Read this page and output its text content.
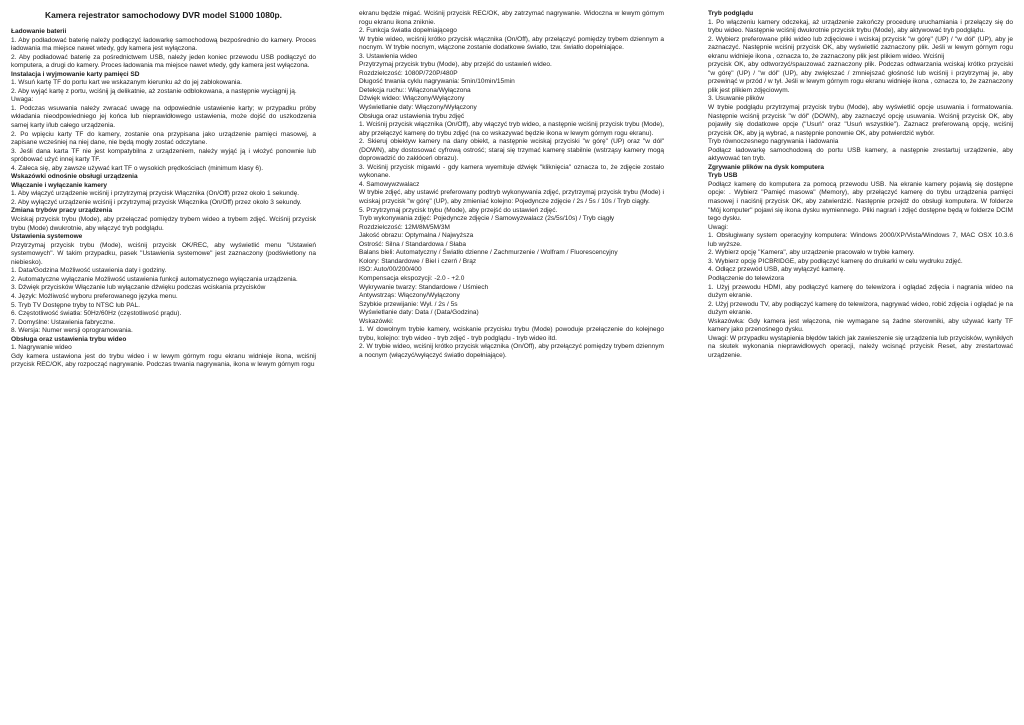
Kamera rejestrator samochodowy DVR model S1000 1080p.

Ładowanie baterii

1. Aby podładować baterię należy podłączyć ładowarkę samochodową bezpośrednio do kamery. Proces ładowania ma miejsce nawet wtedy, gdy kamera jest wyłączona.

2. Aby podładować baterię za pośrednictwem USB, należy jeden koniec przewodu USB podłączyć do komputera, a drugi do kamery. Proces ładowania ma miejsce nawet wtedy, gdy kamera jest wyłączona.

Instalacja i wyjmowanie karty pamięci SD

1. Wsuń kartę TF do portu kart we wskazanym kierunku aż do jej zablokowania.

2. Aby wyjąć kartę z portu, wciśnij ją delikatnie, aż zostanie odblokowana, a następnie wyciągnij ją.

Uwaga:

1. Podczas wsuwania należy zwracać uwagę na odpowiednie ustawienie karty; w przypadku próby wkładania nieodpowiedniego jej końca lub nieprawidłowego ustawienia, może dojść do uszkodzenia samej karty i/lub całego urządzenia.

2. Po wpięciu karty TF do kamery, zostanie ona przypisana jako urządzenie pamięci masowej, a zapisane wcześniej na niej dane, nie będą mogły zostać odczytane.

3. Jeśli dana karta TF nie jest kompatybilna z urządzeniem, należy wyjąć ją i włożyć ponownie lub spróbować użyć innej karty TF.

4. Zaleca się, aby zawsze używać kart TF o wysokich prędkościach (minimum klasy 6).

Wskazówki odnośnie obsługi urządzenia

Włączanie i wyłączanie kamery

1. Aby włączyć urządzenie wciśnij i przytrzymaj przycisk Włącznika (On/Off) przez około 1 sekundę.

2. Aby wyłączyć urządzenie wciśnij i przytrzymaj przycisk Włącznika (On/Off) przez około 3 sekundy.

Zmiana trybów pracy urządzenia

Wciskaj przycisk trybu (Mode), aby przełączać pomiędzy trybem wideo a trybem zdjęć. Wciśnij przycisk trybu (Mode) dwukrotnie, aby włączyć tryb podglądu.

Ustawienia systemowe

Przytrzymaj przycisk trybu (Mode), wciśnij przycisk OK/REC, aby wyświetlić menu "Ustawień systemowych". W takim przypadku, pasek "Ustawienia systemowe" jest zaznaczony (podświetlony na niebiesko).

1. Data/Godzina Możliwość ustawienia daty i godziny.

2. Automatyczne wyłączanie Możliwość ustawienia funkcji automatycznego wyłączania urządzenia.

3. Dźwięk przycisków Włączanie lub wyłączanie dźwięku podczas wciskania przycisków

4. Język: Możliwość wyboru preferowanego języka menu.

5. Tryb TV Dostępne tryby to NTSC lub PAL.

6. Częstotliwość światła: 50Hz/60Hz (częstotliwość prądu).

7. Domyślne: Ustawienia fabryczne.

8. Wersja: Numer wersji oprogramowania.

Obsługa oraz ustawienia trybu wideo

1. Nagrywanie wideo

Gdy kamera ustawiona jest do trybu wideo i w lewym górnym rogu ekranu widnieje ikona, wciśnij przycisk REC/OK, aby rozpocząć nagrywanie. Podczas trwania nagrywania, ikona w lewym górnym rogu

ekranu będzie migać. Wciśnij przycisk REC/OK, aby zatrzymać nagrywanie. Widoczna w lewym górnym rogu ekranu ikona zniknie.

2. Funkcja światła dopełniającego

W trybie wideo, wciśnij krótko przycisk włącznika (On/Off), aby przełączyć pomiędzy trybem dziennym a nocnym. W trybie nocnym, włączone zostanie dodatkowe światło, tzw. światło dopełniające.

3. Ustawienia wideo

Przytrzymaj przycisk trybu (Mode), aby przejść do ustawień wideo.

Rozdzielczość: 1080P/720P/480P

Długość trwania cyklu nagrywania: 5min/10min/15min

Detekcja ruchu:: Włączona/Wyłączona

Dźwięk wideo: Włączony/Wyłączony

Wyświetlanie daty: Włączony/Wyłączony

Obsługa oraz ustawienia trybu zdjęć

1. Wciśnij przycisk włącznika (On/Off), aby włączyć tryb wideo, a następnie wciśnij przycisk trybu (Mode), aby przełączyć kamerę do trybu zdjęć (na co wskazywać będzie ikona w lewym górnym rogu ekranu).

2. Skieruj obiektyw kamery na dany obiekt, a następnie wciskaj przyciski "w górę" (UP) oraz "w dół" (DOWN), aby dostosować cyfrową ostrość; staraj się trzymać kamerę stabilnie (wstrząsy kamery mogą doprowadzić do zakłóceń obrazu).

3. Wciśnij przycisk migawki - gdy kamera wyemituje dźwięk "kliknięcia" oznacza to, że zdjęcie zostało wykonane.

4. Samowywzwalacz

W trybie zdjęć, aby ustawić preferowany podtryb wykonywania zdjęć, przytrzymaj przycisk trybu (Mode) i wciskaj przycisk "w górę" (UP), aby zmieniać kolejno: Pojedyncze zdjęcie / 2s / 5s / 10s / Tryb ciągły.

5. Przytrzymaj przycisk trybu (Mode), aby przejść do ustawień zdjęć.

Tryb wykonywania zdjęć: Pojedyncze zdjęcie / Samowyzwalacz (2s/5s/10s) / Tryb ciągły

Rozdzielczość: 12M/8M/5M/3M

Jakość obrazu: Optymalna / Najwyższa

Ostrość: Silna / Standardowa / Słaba

Balans bieli: Automatyczny / Światło dzienne / Zachmurzenie / Wolfram / Fluorescencyjny

Kolory: Standardowe / Biel i czerń / Brąz

ISO: Auto/00/200/400

Kompensacja ekspozycji: -2.0 - +2.0

Wykrywanie twarzy: Standardowe / Uśmiech

Antywstrząs: Włączony/Wyłączony

Szybkie przewijanie: Wył. / 2s / 5s

Wyświetlanie daty: Data / (Data/Godzina)

Wskazówki:

1. W dowolnym trybie kamery, wciskanie przycisku trybu (Mode) powoduje przełączenie do kolejnego trybu, kolejno: tryb wideo - tryb zdjęć - tryb podglądu - tryb wideo itd.

2. W trybie wideo, wciśnij krótko przycisk włącznika (On/Off), aby przełączyć pomiędzy trybem dziennym a nocnym (włączyć/wyłączyć światło dopełniające).

Tryb podglądu

1. Po włączeniu kamery odczekaj, aż urządzenie zakończy procedurę uruchamiania i przełączy się do trybu wideo. Następnie wciśnij dwukrotnie przycisk trybu (Mode), aby aktywować tryb podglądu.

2. Wybierz preferowane pliki wideo lub zdjęciowe i wciskaj przycisk "w górę" (UP) / "w dół" (UP), aby je zaznaczyć. Następnie wciśnij przycisk OK, aby wyświetlić zaznaczony plik. Jeśli w lewym górnym rogu ekranu widnieje ikona , oznacza to, że zaznaczony plik jest plikiem wideo. Wciśnij

przycisk OK, aby odtworzyć/spauzować zaznaczony plik. Podczas odtwarzania wciskaj krótko przyciski "w górę" (UP) / "w dół" (UP), aby zwiększać / zmniejszać głośność lub wciśnij i przytrzymaj je, aby przewinąć w przód / w tył. Jeśli w lewym górnym rogu ekranu widnieje ikona , oznacza to, że zaznaczony plik jest plikiem zdjęciowym.

3. Usuwanie plików

W trybie podglądu przytrzymaj przycisk trybu (Mode), aby wyświetlić opcje usuwania i formatowania. Następnie wciśnij przycisk "w dół" (DOWN), aby zaznaczyć opcję usuwania. Wciśnij przycisk OK, aby pojawiły się dodatkowe opcje ("Usuń" oraz "Usuń wszystkie"). Zaznacz preferowaną opcję, wciśnij przycisk OK, aby ją wybrać, a następnie ponownie OK, aby potwierdzić wybór.

Tryb równoczesnego nagrywania i ładowania

Podłącz ładowarkę samochodową do portu USB kamery, a następnie zrestartuj urządzenie, aby aktywować ten tryb.

Zgrywanie plików na dysk komputera

Tryb USB

Podłącz kamerę do komputera za pomocą przewodu USB. Na ekranie kamery pojawią się dostępne opcje: . Wybierz "Pamięć masowa" (Memory), aby przełączyć kamerę do trybu urządzenia pamięci masowej i naciśnij przycisk OK, aby zatwierdzić. Następnie przejdź do obsługi komputera. W folderze "Mój komputer" pojawi się ikona dysku wymiennego. Pliki nagrań i zdjęć dostępne będą w folderze DCIM tego dysku.

Uwagi:

1. Obsługiwany system operacyjny komputera: Windows 2000/XP/Vista/Windows 7, MAC OSX 10.3.6 lub wyższe.

2. Wybierz opcję "Kamera", aby urządzenie pracowało w trybie kamery.

3. Wybierz opcję PICBRIDGE, aby podłączyć kamerę do drukarki w celu wydruku zdjęć.

4. Odłącz przewód USB, aby wyłączyć kamerę.

Podłączenie do telewizora

1. Użyj przewodu HDMI, aby podłączyć kamerę do telewizora i oglądać zdjęcia i nagrania wideo na dużym ekranie.

2. Użyj przewodu TV, aby podłączyć kamerę do telewizora, nagrywać wideo, robić zdjęcia i oglądać je na dużym ekranie.

Wskazówka: Gdy kamera jest włączona, nie wymagane są żadne sterowniki, aby używać karty TF kamery jako przenośnego dysku.

Uwagi: W przypadku wystąpienia błędów takich jak zawieszenie się urządzenia lub przycisków, wynikłych na skutek wykonania nieprawidłowych operacji, należy wcisnąć przycisk Reset, aby zrestartować urządzenie.
